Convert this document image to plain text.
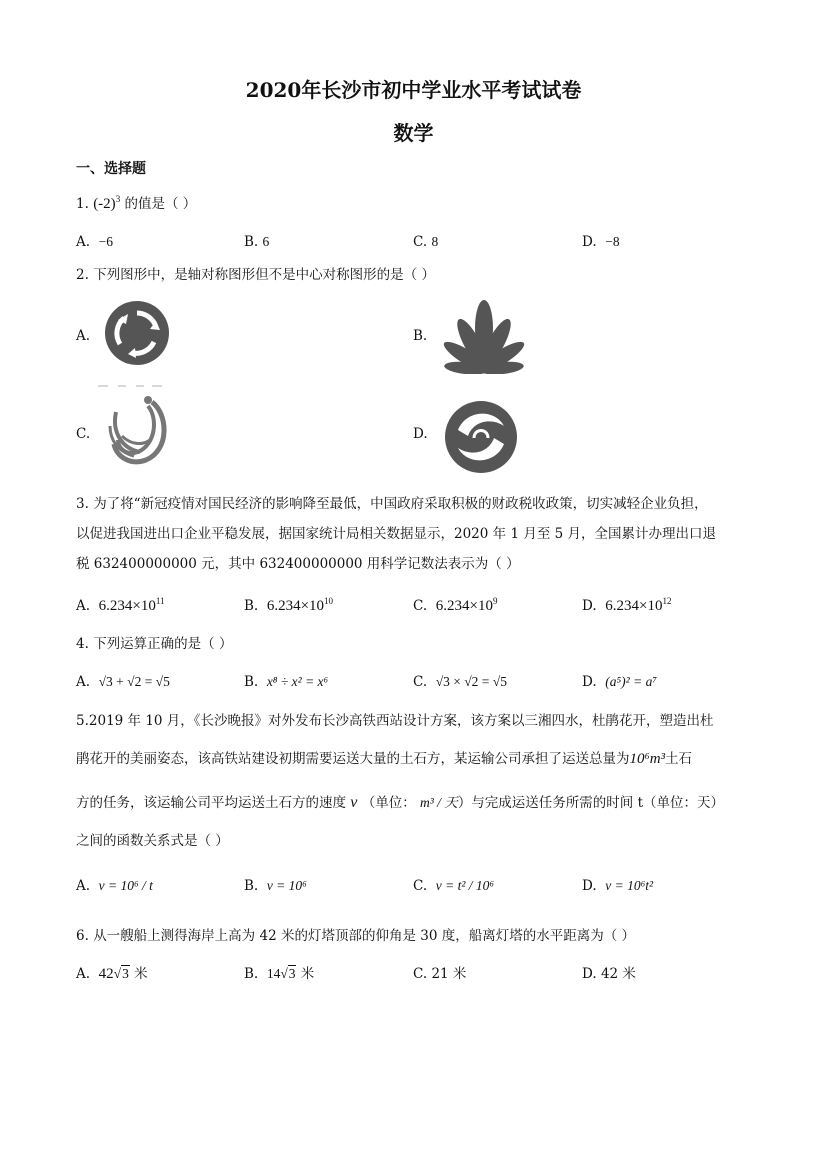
2020年长沙市初中学业水平考试试卷
数学
一、选择题
1. $(-2)^3$ 的值是（ ）
A. −6	B. 6	C. 8	D. −8
2. 下列图形中，是轴对称图形但不是中心对称图形的是（ ）
A.	B.
C.	D.
3. 为了将“新冠疫情对国民经济的影响降至最低，中国政府采取积极的财政税收政策，切实减轻企业负担，
以促进我国进出口企业平稳发展，据国家统计局相关数据显示，2020 年 1 月至 5 月，全国累计办理出口退
税 632400000000 元，其中 632400000000 用科学记数法表示为（ ）
A. $6.234\times 10^{11}$	B. $6.234\times 10^{10}$	C. $6.234\times 10^9$	D. $6.234\times 10^{12}$
4. 下列运算正确的是（ ）
A. √3 + √2 = √5	B. x⁸ ÷ x² = x⁶	C. √3 × √2 = √5	D. (a⁵)² = a⁷
5.2019 年 10 月，《长沙晚报》对外发布长沙高铁西站设计方案，该方案以三湘四水，杜鹃花开，塑造出杜
鹃花开的美丽姿态，该高铁站建设初期需要运送大量的土石方，某运输公司承担了运送总量为10⁶m³土石
方的任务，该运输公司平均运送土石方的速度 v （单位： m³ / 天）与完成运送任务所需的时间 t（单位：天）
之间的函数关系式是（ ）
A. v = 10⁶ / t	B. v = 10⁶	C. v = t² / 10⁶	D. v = 10⁶t²
6. 从一艘船上测得海岸上高为 42 米的灯塔顶部的仰角是 30 度，船离灯塔的水平距离为（ ）
A. 42√3 米	B. 14√3 米	C. 21 米	D. 42 米
